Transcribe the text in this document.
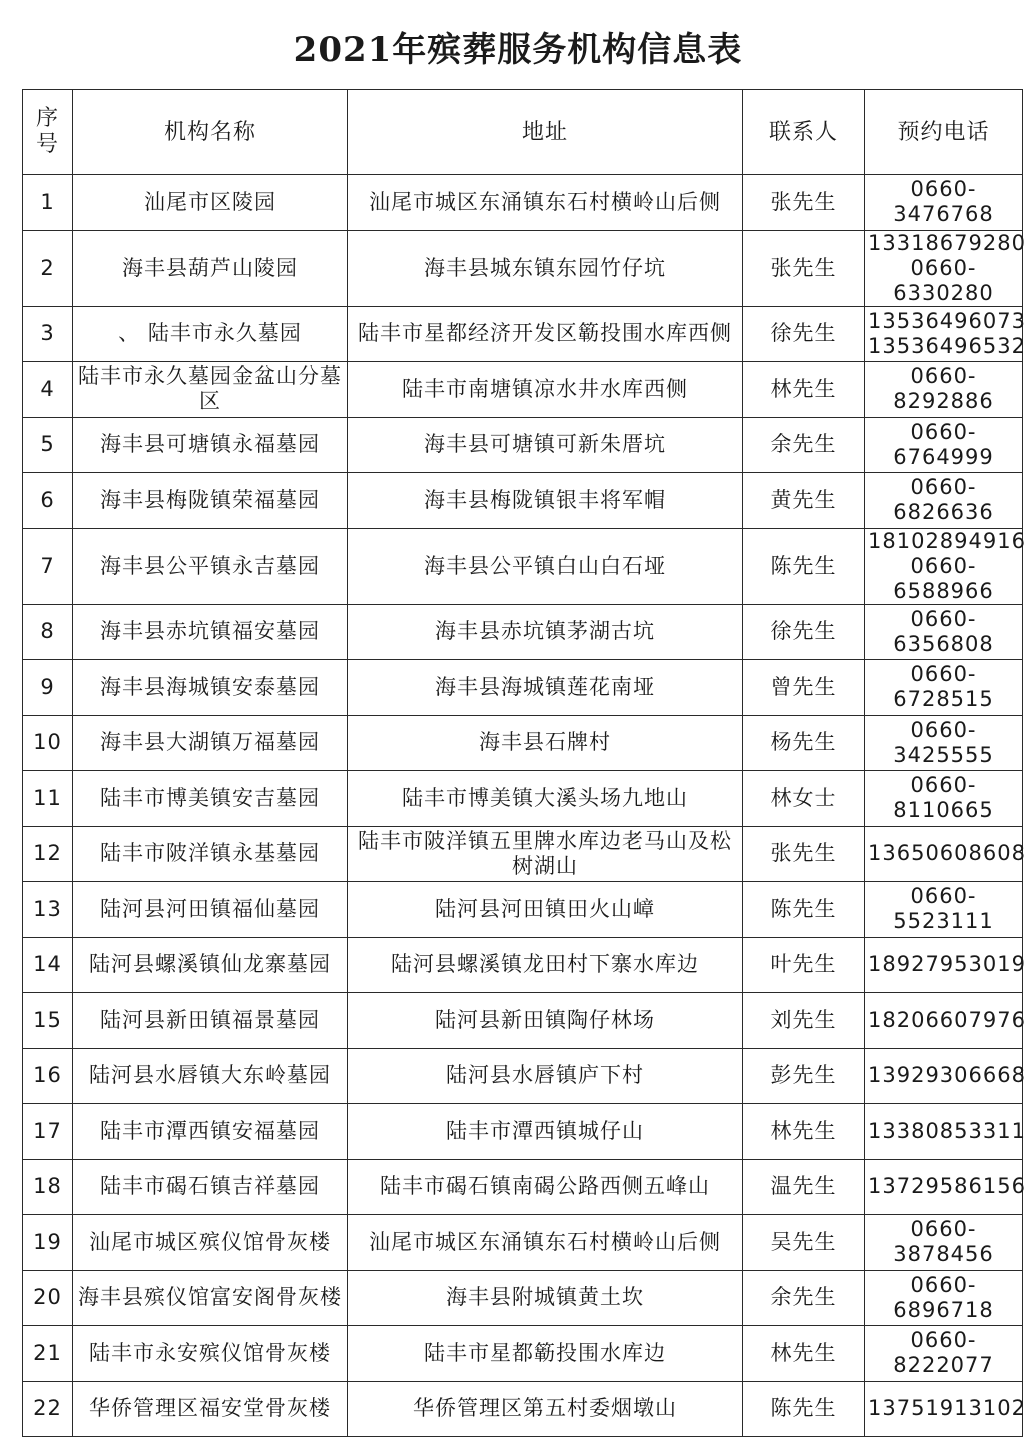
2021年殡葬服务机构信息表
序
号	机构名称	地址	联系人	预约电话
1	汕尾市区陵园	汕尾市城区东涌镇东石村横岭山后侧	张先生	0660-3476768

2	海丰县葫芦山陵园	海丰县城东镇东园竹仔坑	张先生	13318679280
0660-6330280

3	、 陆丰市永久墓园	陆丰市星都经济开发区簕投围水库西侧	徐先生	13536496073
13536496532

4	陆丰市永久墓园金盆山分墓区	陆丰市南塘镇凉水井水库西侧	林先生	0660-8292886

5	海丰县可塘镇永福墓园	海丰县可塘镇可新朱厝坑	余先生	0660-6764999

6	海丰县梅陇镇荣福墓园	海丰县梅陇镇银丰将军帽	黄先生	0660-6826636

7	海丰县公平镇永吉墓园	海丰县公平镇白山白石垭	陈先生	18102894916
0660-6588966

8	海丰县赤坑镇福安墓园	海丰县赤坑镇茅湖古坑	徐先生	0660-6356808

9	海丰县海城镇安泰墓园	海丰县海城镇莲花南垭	曾先生	0660-6728515

10	海丰县大湖镇万福墓园	海丰县石牌村	杨先生	0660-3425555

11	陆丰市博美镇安吉墓园	陆丰市博美镇大溪头场九地山	林女士	0660-8110665

12	陆丰市陂洋镇永基墓园	陆丰市陂洋镇五里牌水库边老马山及松树湖山	张先生	13650608608

13	陆河县河田镇福仙墓园	陆河县河田镇田火山嶂	陈先生	0660-5523111

14	陆河县螺溪镇仙龙寨墓园	陆河县螺溪镇龙田村下寨水库边	叶先生	18927953019

15	陆河县新田镇福景墓园	陆河县新田镇陶仔林场	刘先生	18206607976

16	陆河县水唇镇大东岭墓园	陆河县水唇镇庐下村	彭先生	13929306668

17	陆丰市潭西镇安福墓园	陆丰市潭西镇城仔山	林先生	13380853311

18	陆丰市碣石镇吉祥墓园	陆丰市碣石镇南碣公路西侧五峰山	温先生	13729586156

19	汕尾市城区殡仪馆骨灰楼	汕尾市城区东涌镇东石村横岭山后侧	吴先生	0660-3878456

20	海丰县殡仪馆富安阁骨灰楼	海丰县附城镇黄土坎	余先生	0660-6896718

21	陆丰市永安殡仪馆骨灰楼	陆丰市星都簕投围水库边	林先生	0660-8222077

22	华侨管理区福安堂骨灰楼	华侨管理区第五村委烟墩山	陈先生	13751913102
